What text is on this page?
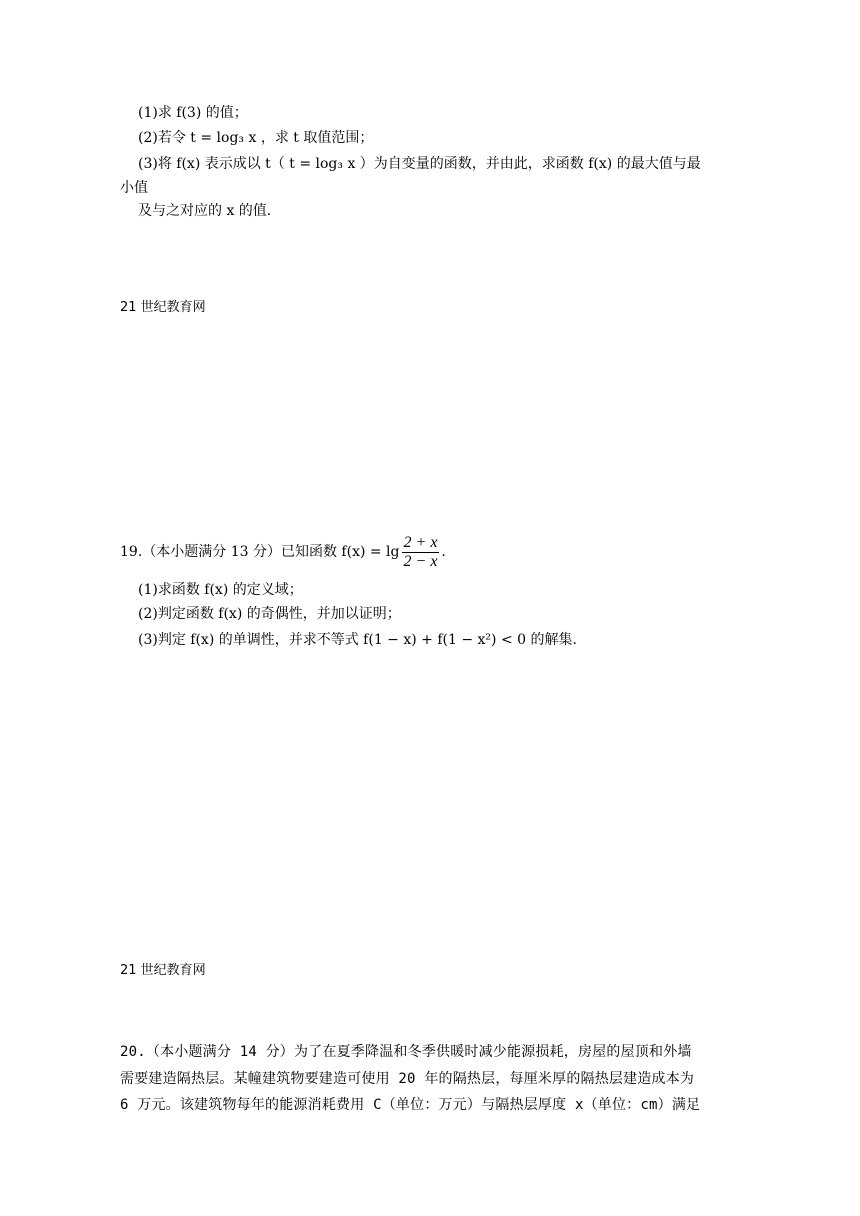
(1)求 f(3) 的值；
(2)若令 t = log₃ x ，求 t 取值范围；
(3)将 f(x) 表示成以 t（ t = log₃ x ）为自变量的函数，并由此，求函数 f(x) 的最大值与最
小值
及与之对应的 x 的值.
21 世纪教育网
19.（本小题满分 13 分）已知函数 $f(x) = \lg \frac{2 + x}{2 - x}$ .
(1)求函数 f(x) 的定义域；
(2)判定函数 f(x) 的奇偶性，并加以证明；
(3)判定 f(x) 的单调性，并求不等式 f(1 − x) + f(1 − x²) < 0 的解集.
21 世纪教育网
20.（本小题满分 14 分）为了在夏季降温和冬季供暖时减少能源损耗，房屋的屋顶和外墙
需要建造隔热层。某幢建筑物要建造可使用 20 年的隔热层，每厘米厚的隔热层建造成本为
6 万元。该建筑物每年的能源消耗费用 C（单位：万元）与隔热层厚度 x（单位：cm）满足
